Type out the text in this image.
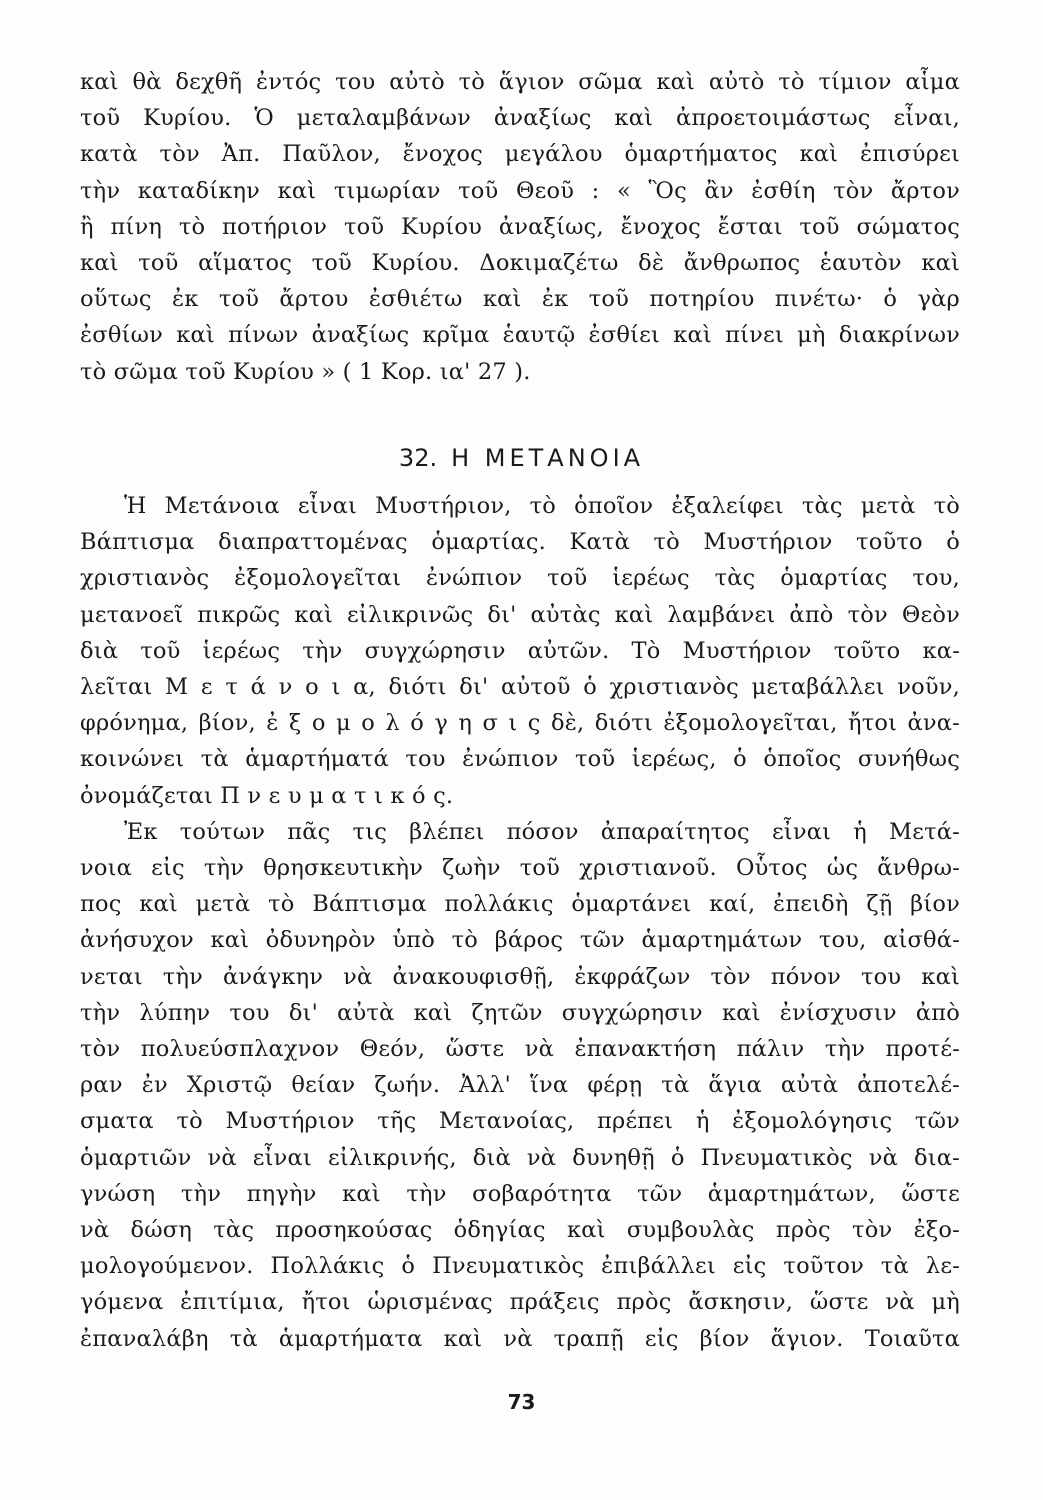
καὶ θὰ δεχθῆ ἐντός του αὐτὸ τὸ ἅγιον σῶμα καὶ αὐτὸ τὸ τίμιον αἷμα
τοῦ Κυρίου. Ὁ μεταλαμβάνων ἀναξίως καὶ ἀπροετοιμάστως εἶναι,
κατὰ τὸν Ἀπ. Παῦλον, ἔνοχος μεγάλου ὁμαρτήματος καὶ ἐπισύρει
τὴν καταδίκην καὶ τιμωρίαν τοῦ Θεοῦ : « Ὃς ἂν ἐσθίη τὸν ἄρτον
ἢ πίνη τὸ ποτήριον τοῦ Κυρίου ἀναξίως, ἔνοχος ἔσται τοῦ σώματος
καὶ τοῦ αἵματος τοῦ Κυρίου. Δοκιμαζέτω δὲ ἄνθρωπος ἑαυτὸν καὶ
οὕτως ἐκ τοῦ ἄρτου ἐσθιέτω καὶ ἐκ τοῦ ποτηρίου πινέτω· ὁ γὰρ
ἐσθίων καὶ πίνων ἀναξίως κρῖμα ἑαυτῷ ἐσθίει καὶ πίνει μὴ διακρίνων
τὸ σῶμα τοῦ Κυρίου » ( 1 Κορ. ια' 27 ).
32. Η ΜΕΤΑΝΟΙΑ
Ἡ Μετάνοια εἶναι Μυστήριον, τὸ ὁποῖον ἐξαλείφει τὰς μετὰ τὸ
Βάπτισμα διαπραττομένας ὁμαρτίας. Κατὰ τὸ Μυστήριον τοῦτο ὁ
χριστιανὸς ἐξομολογεῖται ἐνώπιον τοῦ ἱερέως τὰς ὁμαρτίας του,
μετανοεῖ πικρῶς καὶ εἰλικρινῶς δι' αὐτὰς καὶ λαμβάνει ἀπὸ τὸν Θεὸν
διὰ τοῦ ἱερέως τὴν συγχώρησιν αὐτῶν. Τὸ Μυστήριον τοῦτο κα-
λεῖται Μ ε τ ά ν ο ι α, διότι δι' αὐτοῦ ὁ χριστιανὸς μεταβάλλει νοῦν,
φρόνημα, βίον, ἐ ξ ο μ ο λ ό γ η σ ι ς δὲ, διότι ἐξομολογεῖται, ἤτοι ἀνα-
κοινώνει τὰ ἁμαρτήματά του ἐνώπιον τοῦ ἱερέως, ὁ ὁποῖος συνήθως
ὀνομάζεται Π ν ε υ μ α τ ι κ ό ς.
Ἐκ τούτων πᾶς τις βλέπει πόσον ἀπαραίτητος εἶναι ἡ Μετά-
νοια εἰς τὴν θρησκευτικὴν ζωὴν τοῦ χριστιανοῦ. Οὗτος ὡς ἄνθρω-
πος καὶ μετὰ τὸ Βάπτισμα πολλάκις ὁμαρτάνει καί, ἐπειδὴ ζῇ βίον
ἀνήσυχον καὶ ὀδυνηρὸν ὑπὸ τὸ βάρος τῶν ἁμαρτημάτων του, αἰσθά-
νεται τὴν ἀνάγκην νὰ ἀνακουφισθῇ, ἐκφράζων τὸν πόνον του καὶ
τὴν λύπην του δι' αὐτὰ καὶ ζητῶν συγχώρησιν καὶ ἐνίσχυσιν ἀπὸ
τὸν πολυεύσπλαχνον Θεόν, ὥστε νὰ ἐπανακτήση πάλιν τὴν προτέ-
ραν ἐν Χριστῷ θείαν ζωήν. Ἀλλ' ἵνα φέρῃ τὰ ἅγια αὐτὰ ἀποτελέ-
σματα τὸ Μυστήριον τῆς Μετανοίας, πρέπει ἡ ἐξομολόγησις τῶν
ὁμαρτιῶν νὰ εἶναι εἰλικρινής, διὰ νὰ δυνηθῇ ὁ Πνευματικὸς νὰ δια-
γνώση τὴν πηγὴν καὶ τὴν σοβαρότητα τῶν ἁμαρτημάτων, ὥστε
νὰ δώση τὰς προσηκούσας ὁδηγίας καὶ συμβουλὰς πρὸς τὸν ἐξο-
μολογούμενον. Πολλάκις ὁ Πνευματικὸς ἐπιβάλλει εἰς τοῦτον τὰ λε-
γόμενα ἐπιτίμια, ἤτοι ὡρισμένας πράξεις πρὸς ἄσκησιν, ὥστε νὰ μὴ
ἐπαναλάβη τὰ ἁμαρτήματα καὶ νὰ τραπῇ εἰς βίον ἅγιον. Τοιαῦτα
73
